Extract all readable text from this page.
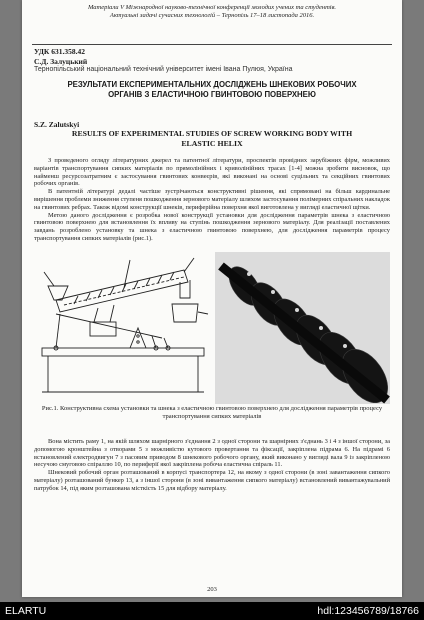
Матеріали V Міжнародної науково-технічної конференції молодих учених та студентів.
Актуальні задачі сучасних технологій – Тернопіль 17–18 листопада 2016.
УДК 631.358.42
С.Д. Залуцький
Тернопільський національний технічний університет імені Івана Пулюя, Україна
РЕЗУЛЬТАТИ ЕКСПЕРИМЕНТАЛЬНИХ ДОСЛІДЖЕНЬ ШНЕКОВИХ РОБОЧИХ ОРГАНІВ З ЕЛАСТИЧНОЮ ГВИНТОВОЮ ПОВЕРХНЕЮ
S.Z. Zalutskyi
RESULTS OF EXPERIMENTAL STUDIES OF SCREW WORKING BODY WITH ELASTIC HELIX

З проведеного огляду літературних джерел та патентної літератури, проспектів провідних зарубіжних фірм, можливих варіантів транспортування сипких матеріалів по прямолінійних і криволінійних трасах [1-4] можна зробити висновок, що найменш ресурсозатратним є застосування гвинтових конвеєрів, які виконані на основі суцільних та секційних гвинтових робочих органів.

В патентній літературі дедалі частіше зустрічаються конструктивні рішення, які спрямовані на більш кардинальне вирішення проблеми зниження ступеня пошкодження зернового матеріалу шляхом застосування полімерних спіральних накладок на гвинтових ребрах. Також відомі конструкції шнеків, периферійна поверхня якої виготовлена у вигляді еластичної щітки.

Метою даного дослідження є розробка нової конструкції установки для дослідження параметрів шнека з еластичною гвинтовою поверхнею для встановлення їх впливу на ступінь пошкодження зернового матеріалу. Для реалізації поставлених завдань розроблено установку та шнека з еластичною гвинтовою поверхнею, для дослідження параметрів процесу транспортування сипких матеріалів (рис.1).

Рис.1. Конструктивна схема установки та шнека з еластичною гвинтовою поверхнею для дослідження параметрів процесу транспортування сипких матеріалів

Вона містить раму 1, на якій шляхом шарнірного з'єднання 2 з одної сторони та шарнірних з'єднань 3 і 4 з іншої сторони, за допомогою кронштейна з отворами 5 з можливістю кутового провертання та фіксації, закріплена підрама 6. На підрамі 6 встановлений електродвигун 7 з пасовим приводом 8 шнекового робочого органу, який виконано у вигляді вала 9 із закріпленою несучою смуговою спіраллю 10, по периферії якої закріплена робоча еластична спіраль 11.

Шнековий робочий орган розташований в корпусі транспортера 12, на якому з одної сторони (в зоні завантаження сипкого матеріалу) розташований бункер 13, а з іншої сторони (в зоні вивантаження сипкого матеріалу) встановлений вивантажувальний патрубок 14, під яким розташована місткість 15 для відбору матеріалу.

203
ELARTU	hdl:123456789/18766
